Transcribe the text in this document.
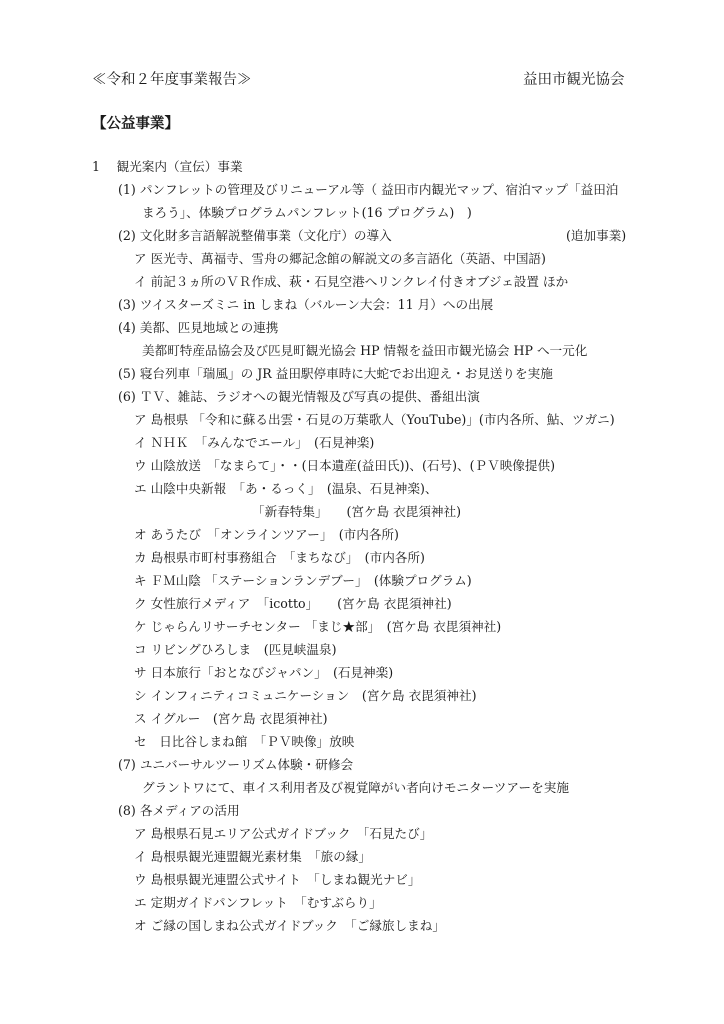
≪令和２年度事業報告≫	益田市観光協会
【公益事業】
1　 観光案内（宣伝）事業
(1) パンフレットの管理及びリニューアル等（ 益田市内観光マップ、宿泊マップ「益田泊
まろう」、体験プログラムパンフレット(16 プログラム)　)
(2) 文化財多言語解説整備事業（文化庁）の導入	(追加事業)
ア 医光寺、萬福寺、雪舟の郷記念館の解説文の多言語化（英語、中国語)
イ 前記３ヵ所のＶＲ作成、萩・石見空港へリンクレイ付きオブジェ設置 ほか
(3) ツイスターズミニ in しまね（バルーン大会：11 月）への出展
(4) 美都、匹見地域との連携
美都町特産品協会及び匹見町観光協会 HP 情報を益田市観光協会 HP へ一元化
(5) 寝台列車「瑞風」の JR 益田駅停車時に大蛇でお出迎え・お見送りを実施
(6) ＴＶ、雑誌、ラジオへの観光情報及び写真の提供、番組出演
ア 島根県 「令和に蘇る出雲・石見の万葉歌人（YouTube)」(市内各所、鮎、ツガニ)
イ ＮＨＫ　「みんなでエール」　(石見神楽)
ウ 山陰放送　「なまらて」・・(日本遺産(益田氏))、(石号)、(ＰＶ映像提供)
エ 山陰中央新報　「あ・るっく」　(温泉、石見神楽)、
「新春特集」　　(宮ケ島 衣毘須神社)
オ あうたび　「オンラインツアー」　(市内各所)
カ 島根県市町村事務組合　「まちなび」　(市内各所)
キ ＦＭ山陰 「ステーションランデブー」　(体験プログラム)
ク 女性旅行メディア　「icotto」　　(宮ケ島 衣毘須神社)
ケ じゃらんリサーチセンター 「まじ★部」　(宮ケ島 衣毘須神社)
コ リビングひろしま　(匹見峡温泉)
サ 日本旅行「おとなびジャパン」　(石見神楽)
シ インフィニティコミュニケーション　(宮ケ島 衣毘須神社)
ス イグルー　(宮ケ島 衣毘須神社)
セ　日比谷しまね館　「ＰＶ映像」放映
(7) ユニバーサルツーリズム体験・研修会
グラントワにて、車イス利用者及び視覚障がい者向けモニターツアーを実施
(8) 各メディアの活用
ア 島根県石見エリア公式ガイドブック　「石見たび」
イ 島根県観光連盟観光素材集　「旅の縁」
ウ 島根県観光連盟公式サイト　「しまね観光ナビ」
エ 定期ガイドパンフレット　「むすぶらり」
オ ご縁の国しまね公式ガイドブック　「ご縁旅しまね」
